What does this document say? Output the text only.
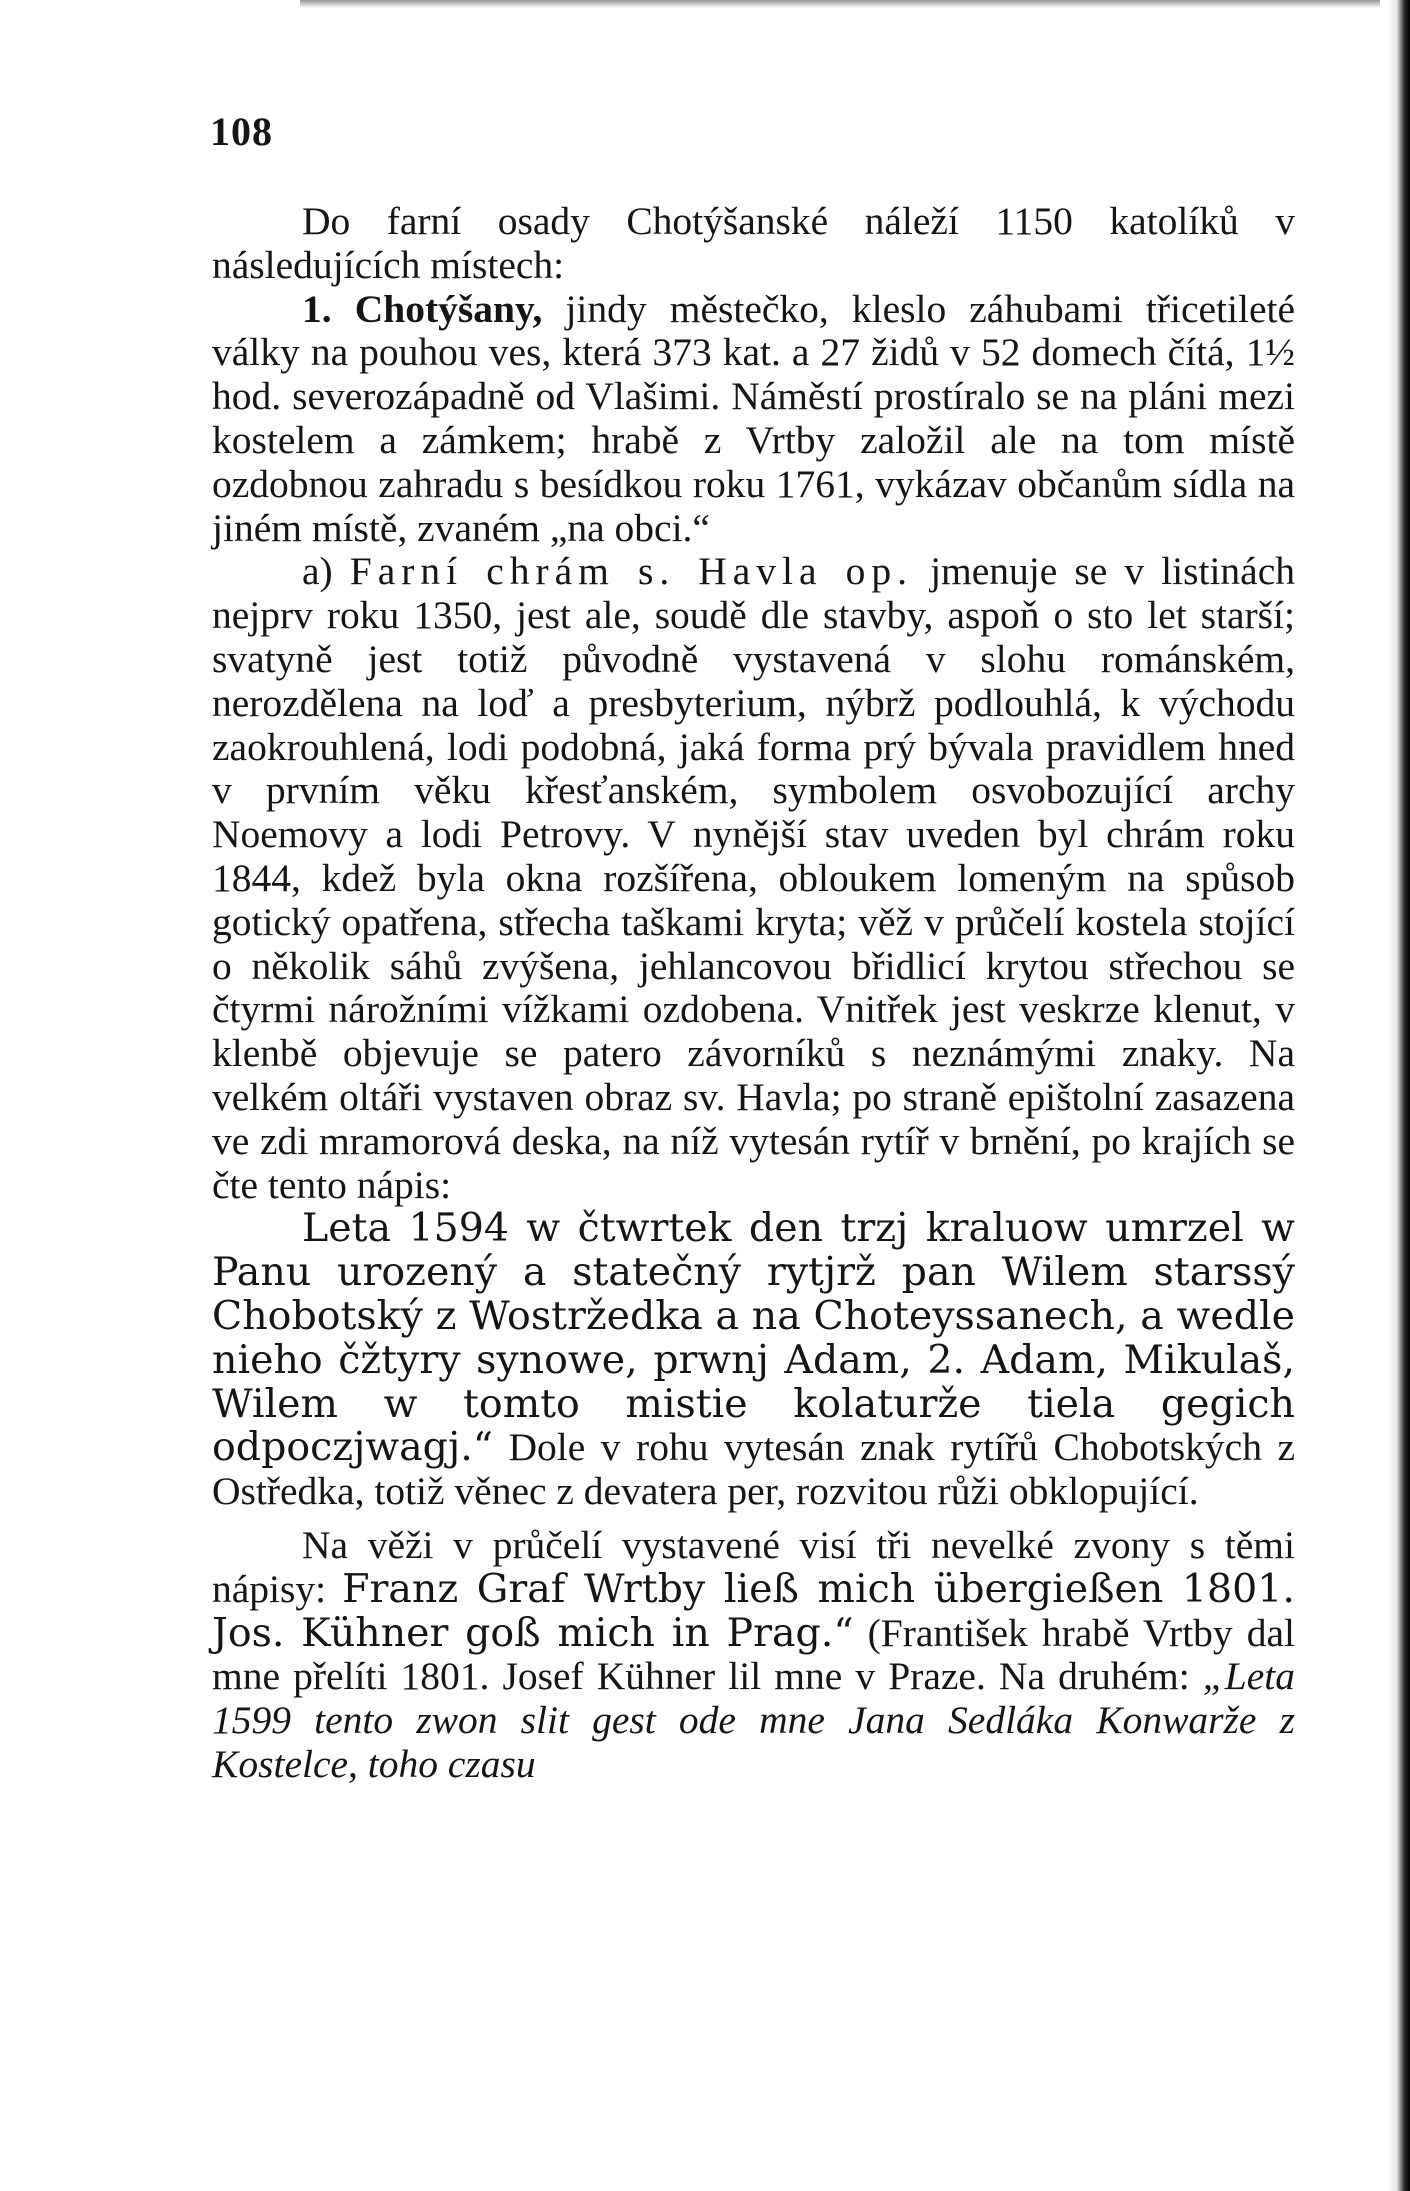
108

Do farní osady Chotýšanské náleží 1150 katolíků v následujících místech:

1. Chotýšany, jindy městečko, kleslo záhubami třicetileté války na pouhou ves, která 373 kat. a 27 židů v 52 domech čítá, 1½ hod. severozápadně od Vlašimi. Náměstí prostíralo se na pláni mezi kostelem a zámkem; hrabě z Vrtby založil ale na tom místě ozdobnou zahradu s besídkou roku 1761, vykázav občanům sídla na jiném místě, zvaném „na obci.“

a) Farní chrám s. Havla op. jmenuje se v listinách nejprv roku 1350, jest ale, soudě dle stavby, aspoň o sto let starší; svatyně jest totiž původně vystavená v slohu románském, nerozdělena na loď a presbyterium, nýbrž podlouhlá, k východu zaokrouhlená, lodi podobná, jaká forma prý bývala pravidlem hned v prvním věku křesťanském, symbolem osvobozující archy Noemovy a lodi Petrovy. V nynější stav uveden byl chrám roku 1844, kdež byla okna rozšířena, obloukem lomeným na spůsob gotický opatřena, střecha taškami kryta; věž v průčelí kostela stojící o několik sáhů zvýšena, jehlancovou břidlicí krytou střechou se čtyrmi nárožními vížkami ozdobena. Vnitřek jest veskrze klenut, v klenbě objevuje se patero závorníků s neznámými znaky. Na velkém oltáři vystaven obraz sv. Havla; po straně epištolní zasazena ve zdi mramorová deska, na níž vytesán rytíř v brnění, po krajích se čte tento nápis:

Leta 1594 w čtwrtek den trzj kraluow umrzel w Panu urozený a statečný rytjrž pan Wilem starssý Chobotský z Wostržedka a na Choteyssanech, a wedle nieho čžtyry synowe, prwnj Adam, 2. Adam, Mikulaš, Wilem w tomto mistie kolaturže tiela gegich odpoczjwagj.“ Dole v rohu vytesán znak rytířů Chobotských z Ostředka, totiž věnec z devatera per, rozvitou růži obklopující.

Na věži v průčelí vystavené visí tři nevelké zvony s těmi nápisy: Franz Graf Wrtby ließ mich übergießen 1801. Jos. Kühner goß mich in Prag.“ (František hrabě Vrtby dal mne přelíti 1801. Josef Kühner lil mne v Praze. Na druhém: „Leta 1599 tento zwon slit gest ode mne Jana Sedláka Konwarže z Kostelce, toho czasu
